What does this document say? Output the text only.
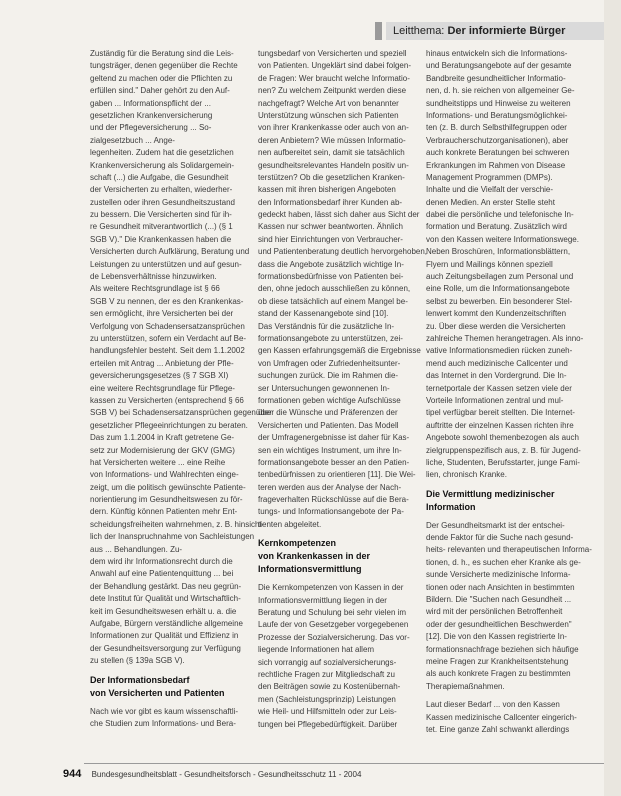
Leitthema: Der informierte Bürger

Zuständig für die Beratung sind die Leis-
tungsträger, denen gegenüber die Rechte
geltend zu machen oder die Pflichten zu
erfüllen sind." Daher gehört zu den Auf-
gaben ... Informationspflicht der ...
gesetzlichen Krankenversicherung
und der Pflegeversicherung ... So-
zialgesetzbuch ... Ange-
legenheiten. Zudem hat die gesetzlichen
Krankenversicherung als Solidargemein-
schaft (...) die Aufgabe, die Gesundheit
der Versicherten zu erhalten, wiederher-
zustellen oder ihren Gesundheitszustand
zu bessern. Die Versicherten sind für ih-
re Gesundheit mitverantwortlich (...) (§ 1
SGB V)." Die Krankenkassen haben die
Versicherten durch Aufklärung, Beratung und
Leistungen zu unterstützen und auf gesun-
de Lebensverhältnisse hinzuwirken.

Als weitere Rechtsgrundlage ist § 66
SGB V zu nennen, der es den Krankenkas-
sen ermöglicht, ihre Versicherten bei der
Verfolgung von Schadensersatzansprüchen
zu unterstützen, sofern ein Verdacht auf Be-
handlungsfehler besteht. Seit dem 1.1.2002
erteilen mit Antrag ... Anbietung der Pfle-
geversicherungsgesetzes (§ 7 SGB XI)
eine weitere Rechtsgrundlage für Pflege-
kassen zu Versicherten (entsprechend § 66
SGB V) bei Schadensersatzansprüchen gegenüber
gesetzlicher Pflegeeinrichtungen zu beraten.

Das zum 1.1.2004 in Kraft getretene Ge-
setz zur Modernisierung der GKV (GMG)
hat Versicherten weitere ... eine Reihe
von Informations- und Wahlrechten einge-
zeigt, um die politisch gewünschte Patiente-
norientierung im Gesundheitswesen zu för-
dern. Künftig können Patienten mehr Ent-
scheidungsfreiheiten wahrnehmen, z. B. hinsicht-
lich der Inanspruchnahme von Sachleistungen
aus ... Behandlungen. Zu-
dem wird ihr Informationsrecht durch die
Anwahl auf eine Patientenquittung ... bei
der Behandlung gestärkt. Das neu gegrün-
dete Institut für Qualität und Wirtschaftlich-
keit im Gesundheitswesen erhält u. a. die
Aufgabe, Bürgern verständliche allgemeine
Informationen zur Qualität und Effizienz in
der Gesundheitsversorgung zur Verfügung
zu stellen (§ 139a SGB V).

Der Informationsbedarf
von Versicherten und Patienten

Nach wie vor gibt es kaum wissenschaftli-
che Studien zum Informations- und Bera-

tungsbedarf von Versicherten und speziell
von Patienten. Ungeklärt sind dabei folgen-
de Fragen: Wer braucht welche Informatio-
nen? Zu welchem Zeitpunkt werden diese
nachgefragt? Welche Art von benannter
Unterstützung wünschen sich Patienten
von ihrer Krankenkasse oder auch von an-
deren Anbietern? Wie müssen Informatio-
nen aufbereitet sein, damit sie tatsächlich
gesundheitsrelevantes Handeln positiv un-
terstützen? Ob die gesetzlichen Kranken-
kassen mit ihren bisherigen Angeboten
den Informationsbedarf ihrer Kunden ab-
gedeckt haben, lässt sich daher aus Sicht der
Kassen nur schwer beantworten. Ähnlich
sind hier Einrichtungen von Verbraucher-
und Patientenberatung deutlich hervorgehoben,
dass die Angebote zusätzlich wichtige In-
formationsbedürfnisse von Patienten bei-
den, ohne jedoch ausschließen zu können,
ob diese tatsächlich auf einem Mangel be-
stand der Kassenangebote sind [10].

Das Verständnis für die zusätzliche In-
formationsangebote zu unterstützen, zei-
gen Kassen erfahrungsgemäß die Ergebnisse
von Umfragen oder Zufriedenheitsunter-
suchungen zurück. Die im Rahmen die-
ser Untersuchungen gewonnenen In-
formationen geben wichtige Aufschlüsse
über die Wünsche und Präferenzen der
Versicherten und Patienten. Das Modell
der Umfragenergebnisse ist daher für Kas-
sen ein wichtiges Instrument, um ihre In-
formationsangebote besser an den Patien-
tenbedürfnissen zu orientieren [11]. Die Wei-
teren werden aus der Analyse der Nach-
frageverhalten Rückschlüsse auf die Bera-
tungs- und Informationsangebote der Pa-
tienten abgeleitet.

Kernkompetenzen
von Krankenkassen in der
Informationsvermittlung

Die Kernkompetenzen von Kassen in der
Informationsvermittlung liegen in der
Beratung und Schulung bei sehr vielen im
Laufe der von Gesetzgeber vorgegebenen
Prozesse der Sozialversicherung. Das vor-
liegende Informationen hat allem
sich vorrangig auf sozialversicherungs-
rechtliche Fragen zur Mitgliedschaft zu
den Beiträgen sowie zu Kostenübernah-
men (Sachleistungsprinzip) Leistungen
wie Heil- und Hilfsmitteln oder zur Leis-
tungen bei Pflegebedürftigkeit. Darüber

hinaus entwickeln sich die Informations-
und Beratungsangebote auf der gesamte
Bandbreite gesundheitlicher Informatio-
nen, d. h. sie reichen von allgemeiner Ge-
sundheitstipps und Hinweise zu weiteren
Informations- und Beratungsmöglichkei-
ten (z. B. durch Selbsthilfegruppen oder
Verbraucherschutzorganisationen), aber
auch konkrete Beratungen bei schweren
Erkrankungen im Rahmen von Disease
Management Programmen (DMPs).

Inhalte und die Vielfalt der verschie-
denen Medien. An erster Stelle steht
dabei die persönliche und telefonische In-
formation und Beratung. Zusätzlich wird
von den Kassen weitere Informationswege.
Neben Broschüren, Informationsblättern,
Flyern und Mailings können speziell
auch Zeitungsbeilagen zum Personal und
eine Rolle, um die Informationsangebote
selbst zu bewerben. Ein besonderer Stel-
lenwert kommt den Kundenzeitschriften
zu. Über diese werden die Versicherten
zahlreiche Themen herangetragen. Als inno-
vative Informationsmedien rücken zuneh-
mend auch medizinische Callcenter und
das Internet in den Vordergrund. Die In-
ternetportale der Kassen setzen viele der
Vorteile Informationen zentral und mul-
tipel verfügbar bereit stellten. Die Internet-
auftritte der einzelnen Kassen richten ihre
Angebote sowohl themenbezogen als auch
zielgruppenspezifisch aus, z. B. für Jugend-
liche, Studenten, Berufsstarter, junge Fami-
lien, chronisch Kranke.

Die Vermittlung medizinischer
Information

Der Gesundheitsmarkt ist der entschei-
dende Faktor für die Suche nach gesund-
heits- relevanten und therapeutischen Informa-
tionen, d. h., es suchen eher Kranke als ge-
sunde Versicherte medizinische Informa-
tionen oder nach Ansichten in bestimmten
Bildern. Die "Suchen nach Gesundheit ...
wird mit der persönlichen Betroffenheit
oder der gesundheitlichen Beschwerden"
[12]. Die von den Kassen registrierte In-
formationsnachfrage beziehen sich häufige
meine Fragen zur Krankheitsentstehung
als auch konkrete Fragen zu bestimmten
Therapiemaßnahmen.

Laut dieser Bedarf ... von den Kassen
Kassen medizinische Callcenter eingerich-
tet. Eine ganze Zahl schwankt allerdings

944 Bundesgesundheitsblatt - Gesundheitsforsch - Gesundheitsschutz 11 - 2004
